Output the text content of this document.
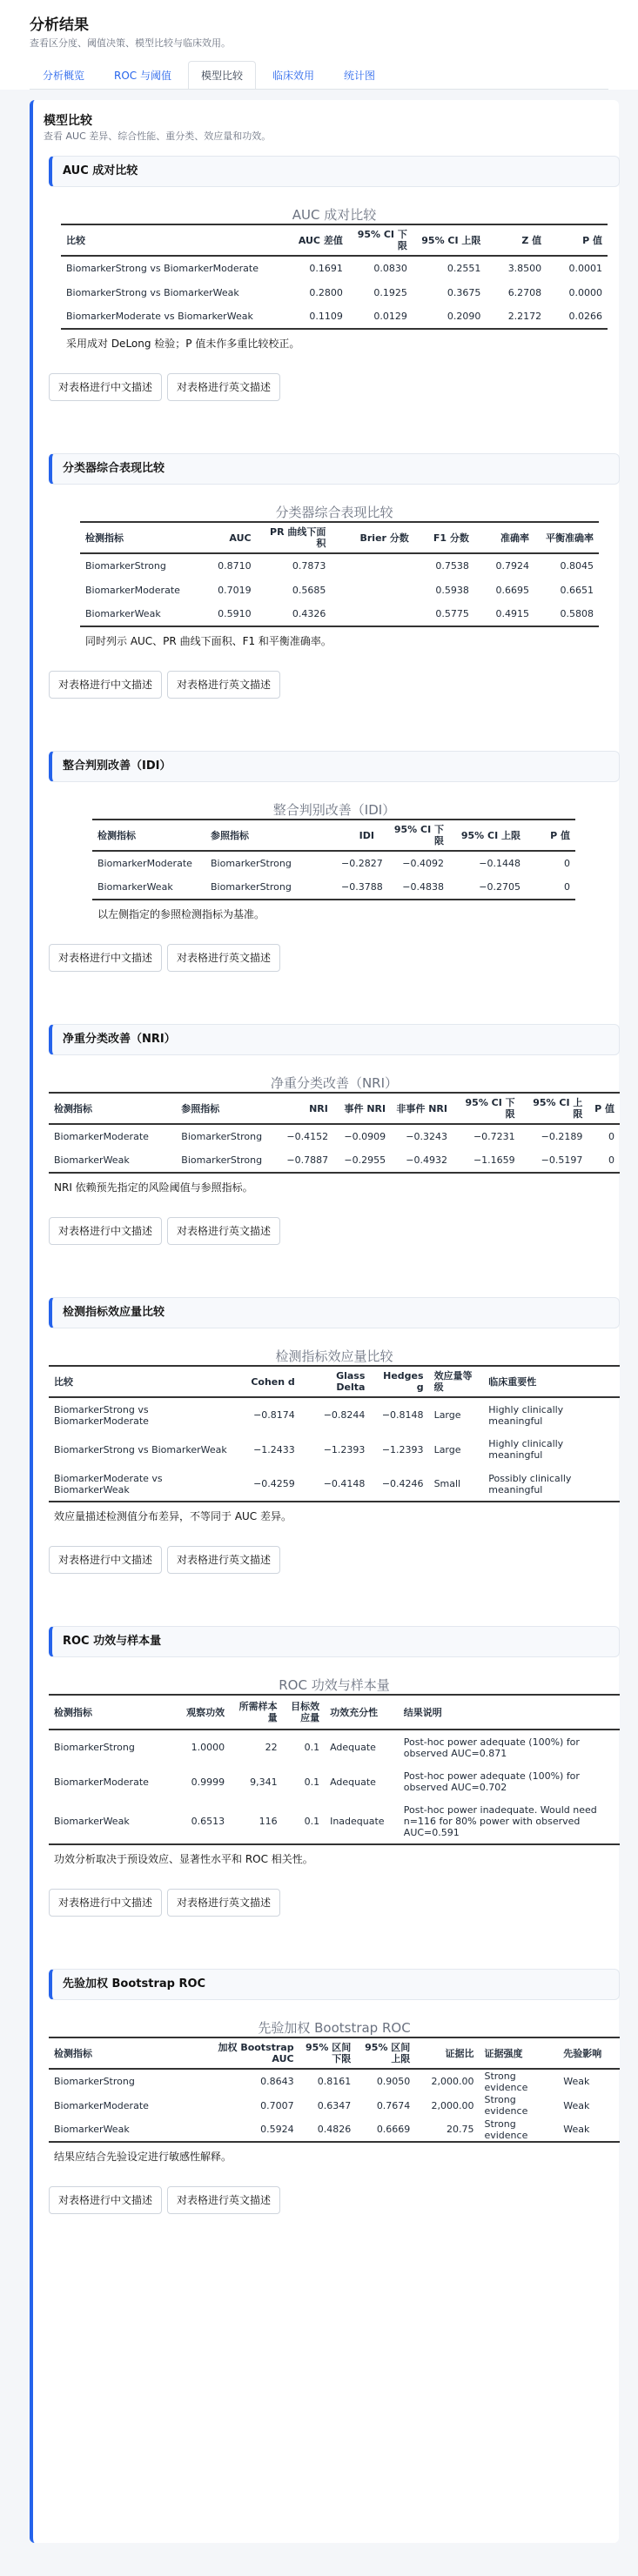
分析结果
查看区分度、阈值决策、模型比较与临床效用。
分析概览	ROC 与阈值	模型比较	临床效用	统计图
模型比较
查看 AUC 差异、综合性能、重分类、效应量和功效。
AUC 成对比较
AUC 成对比较
比较	AUC 差值	95% CI 下限	95% CI 上限	Z 值	P 值
BiomarkerStrong vs BiomarkerModerate	0.1691	0.0830	0.2551	3.8500	0.0001
BiomarkerStrong vs BiomarkerWeak	0.2800	0.1925	0.3675	6.2708	0.0000
BiomarkerModerate vs BiomarkerWeak	0.1109	0.0129	0.2090	2.2172	0.0266
采用成对 DeLong 检验；P 值未作多重比较校正。
对表格进行中文描述	对表格进行英文描述
分类器综合表现比较
分类器综合表现比较
检测指标	AUC	PR 曲线下面积	Brier 分数	F1 分数	准确率	平衡准确率
BiomarkerStrong	0.8710	0.7873		0.7538	0.7924	0.8045
BiomarkerModerate	0.7019	0.5685		0.5938	0.6695	0.6651
BiomarkerWeak	0.5910	0.4326		0.5775	0.4915	0.5808
同时列示 AUC、PR 曲线下面积、F1 和平衡准确率。
对表格进行中文描述	对表格进行英文描述
整合判别改善（IDI）
整合判别改善（IDI）
检测指标	参照指标	IDI	95% CI 下限	95% CI 上限	P 值
BiomarkerModerate	BiomarkerStrong	−0.2827	−0.4092	−0.1448	0
BiomarkerWeak	BiomarkerStrong	−0.3788	−0.4838	−0.2705	0
以左侧指定的参照检测指标为基准。
对表格进行中文描述	对表格进行英文描述
净重分类改善（NRI）
净重分类改善（NRI）
检测指标	参照指标	NRI	事件 NRI	非事件 NRI	95% CI 下限	95% CI 上限	P 值
BiomarkerModerate	BiomarkerStrong	−0.4152	−0.0909	−0.3243	−0.7231	−0.2189	0
BiomarkerWeak	BiomarkerStrong	−0.7887	−0.2955	−0.4932	−1.1659	−0.5197	0
NRI 依赖预先指定的风险阈值与参照指标。
对表格进行中文描述	对表格进行英文描述
检测指标效应量比较
检测指标效应量比较
比较	Cohen d	Glass Delta	Hedges g	效应量等级	临床重要性
BiomarkerStrong vs BiomarkerModerate	−0.8174	−0.8244	−0.8148	Large	Highly clinically meaningful
BiomarkerStrong vs BiomarkerWeak	−1.2433	−1.2393	−1.2393	Large	Highly clinically meaningful
BiomarkerModerate vs BiomarkerWeak	−0.4259	−0.4148	−0.4246	Small	Possibly clinically meaningful
效应量描述检测值分布差异，不等同于 AUC 差异。
对表格进行中文描述	对表格进行英文描述
ROC 功效与样本量
ROC 功效与样本量
检测指标	观察功效	所需样本量	目标效应量	功效充分性	结果说明
BiomarkerStrong	1.0000	22	0.1	Adequate	Post-hoc power adequate (100%) for observed AUC=0.871
BiomarkerModerate	0.9999	9,341	0.1	Adequate	Post-hoc power adequate (100%) for observed AUC=0.702
BiomarkerWeak	0.6513	116	0.1	Inadequate	Post-hoc power inadequate. Would need n=116 for 80% power with observed AUC=0.591
功效分析取决于预设效应、显著性水平和 ROC 相关性。
对表格进行中文描述	对表格进行英文描述
先验加权 Bootstrap ROC
先验加权 Bootstrap ROC
检测指标	加权 Bootstrap AUC	95% 区间下限	95% 区间上限	证据比	证据强度	先验影响
BiomarkerStrong	0.8643	0.8161	0.9050	2,000.00	Strong evidence	Weak
BiomarkerModerate	0.7007	0.6347	0.7674	2,000.00	Strong evidence	Weak
BiomarkerWeak	0.5924	0.4826	0.6669	20.75	Strong evidence	Weak
结果应结合先验设定进行敏感性解释。
对表格进行中文描述	对表格进行英文描述
